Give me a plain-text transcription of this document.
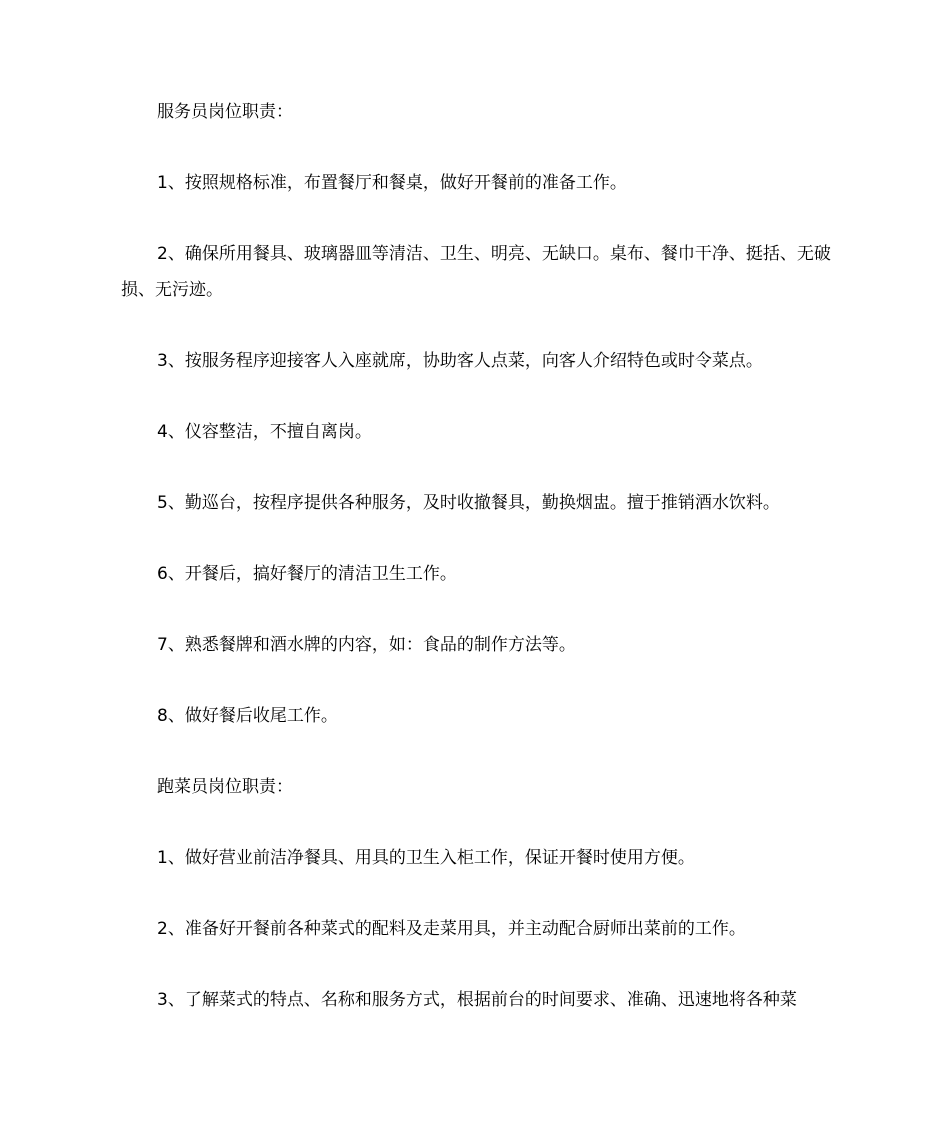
服务员岗位职责：

1、按照规格标准，布置餐厅和餐桌，做好开餐前的准备工作。

2、确保所用餐具、玻璃器皿等清洁、卫生、明亮、无缺口。桌布、餐巾干净、挺括、无破损、无污迹。

3、按服务程序迎接客人入座就席，协助客人点菜，向客人介绍特色或时令菜点。

4、仪容整洁，不擅自离岗。

5、勤巡台，按程序提供各种服务，及时收撤餐具，勤换烟盅。擅于推销酒水饮料。

6、开餐后，搞好餐厅的清洁卫生工作。

7、熟悉餐牌和酒水牌的内容，如：食品的制作方法等。

8、做好餐后收尾工作。

跑菜员岗位职责：

1、做好营业前洁净餐具、用具的卫生入柜工作，保证开餐时使用方便。

2、准备好开餐前各种菜式的配料及走菜用具，并主动配合厨师出菜前的工作。

3、了解菜式的特点、名称和服务方式，根据前台的时间要求、准确、迅速地将各种菜
